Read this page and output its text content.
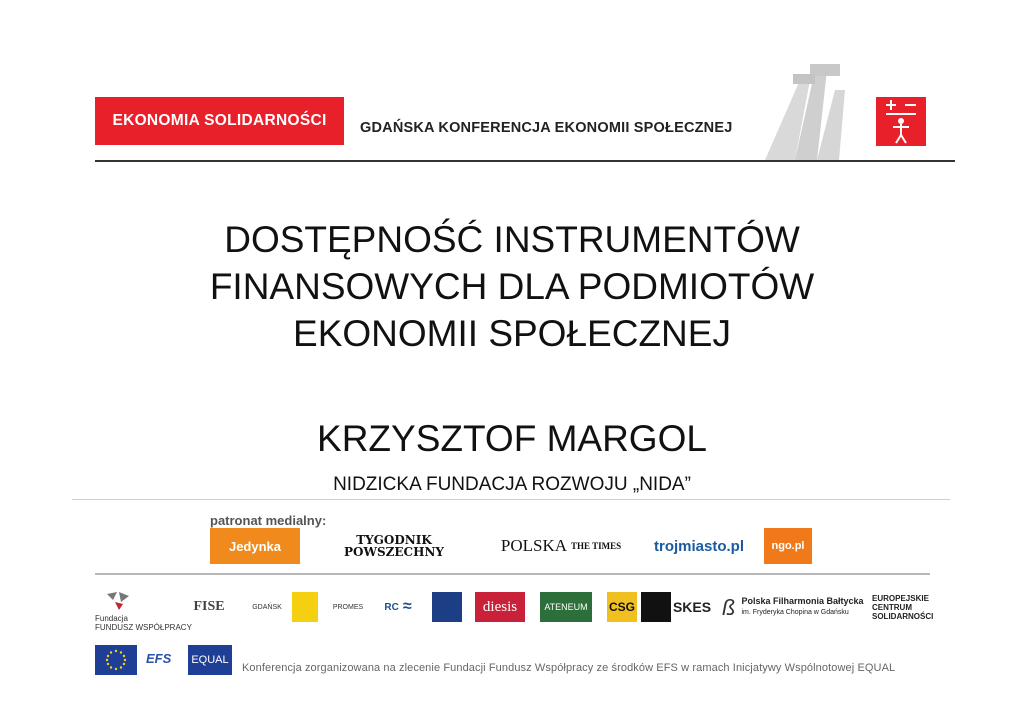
EKONOMIA SOLIDARNOŚCI GDAŃSKA KONFERENCJA EKONOMII SPOŁECZNEJ
DOSTĘPNOŚĆ INSTRUMENTÓW
FINANSOWYCH DLA PODMIOTÓW
EKONOMII SPOŁECZNEJ
KRZYSZTOF MARGOL
NIDZICKA FUNDACJA ROZWOJU „NIDA”
patronat medialny:
Jedynka	TYGODNIK
POWSZECHNY	POLSKA THE TIMES trojmiasto.pl	ngo.pl
Fundacja
FUNDUSZ WSPÓŁPRACY
FISE	GDAŃSK	PROMES RC ≈	diesis	ATENEUM CSG	SKES ß Polska Filharmonia Bałtycka
im. Fryderyka Chopina w Gdańsku
EUROPEJSKIE
CENTRUM
SOLIDARNOŚCI
EFS EQUAL
Konferencja zorganizowana na zlecenie Fundacji Fundusz Współpracy ze środków EFS w ramach Inicjatywy Wspólnotowej EQUAL
